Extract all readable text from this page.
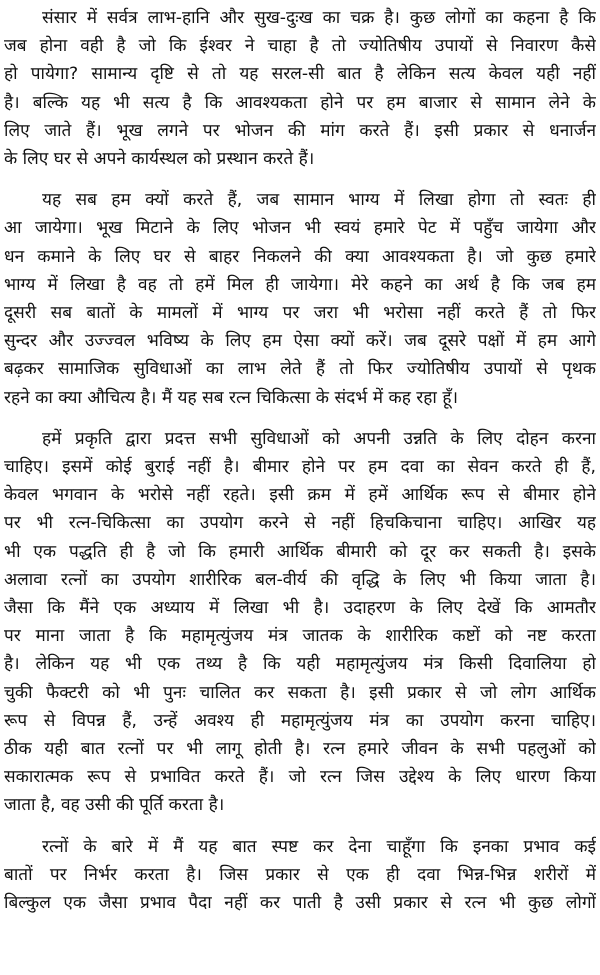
संसार में सर्वत्र लाभ-हानि और सुख-दुःख का चक्र है। कुछ लोगों का कहना है कि
जब होना वही है जो कि ईश्वर ने चाहा है तो ज्योतिषीय उपायों से निवारण कैसे
हो पायेगा? सामान्य दृष्टि से तो यह सरल-सी बात है लेकिन सत्य केवल यही नहीं
है। बल्कि यह भी सत्य है कि आवश्यकता होने पर हम बाजार से सामान लेने के
लिए जाते हैं। भूख लगने पर भोजन की मांग करते हैं। इसी प्रकार से धनार्जन
के लिए घर से अपने कार्यस्थल को प्रस्थान करते हैं।
यह सब हम क्यों करते हैं, जब सामान भाग्य में लिखा होगा तो स्वतः ही
आ जायेगा। भूख मिटाने के लिए भोजन भी स्वयं हमारे पेट में पहुँच जायेगा और
धन कमाने के लिए घर से बाहर निकलने की क्या आवश्यकता है। जो कुछ हमारे
भाग्य में लिखा है वह तो हमें मिल ही जायेगा। मेरे कहने का अर्थ है कि जब हम
दूसरी सब बातों के मामलों में भाग्य पर जरा भी भरोसा नहीं करते हैं तो फिर
सुन्दर और उज्ज्वल भविष्य के लिए हम ऐसा क्यों करें। जब दूसरे पक्षों में हम आगे
बढ़कर सामाजिक सुविधाओं का लाभ लेते हैं तो फिर ज्योतिषीय उपायों से पृथक
रहने का क्या औचित्य है। मैं यह सब रत्न चिकित्सा के संदर्भ में कह रहा हूँ।
हमें प्रकृति द्वारा प्रदत्त सभी सुविधाओं को अपनी उन्नति के लिए दोहन करना
चाहिए। इसमें कोई बुराई नहीं है। बीमार होने पर हम दवा का सेवन करते ही हैं,
केवल भगवान के भरोसे नहीं रहते। इसी क्रम में हमें आर्थिक रूप से बीमार होने
पर भी रत्न-चिकित्सा का उपयोग करने से नहीं हिचकिचाना चाहिए। आखिर यह
भी एक पद्धति ही है जो कि हमारी आर्थिक बीमारी को दूर कर सकती है। इसके
अलावा रत्नों का उपयोग शारीरिक बल-वीर्य की वृद्धि के लिए भी किया जाता है।
जैसा कि मैंने एक अध्याय में लिखा भी है। उदाहरण के लिए देखें कि आमतौर
पर माना जाता है कि महामृत्युंजय मंत्र जातक के शारीरिक कष्टों को नष्ट करता
है। लेकिन यह भी एक तथ्य है कि यही महामृत्युंजय मंत्र किसी दिवालिया हो
चुकी फैक्टरी को भी पुनः चालित कर सकता है। इसी प्रकार से जो लोग आर्थिक
रूप से विपन्न हैं, उन्हें अवश्य ही महामृत्युंजय मंत्र का उपयोग करना चाहिए।
ठीक यही बात रत्नों पर भी लागू होती है। रत्न हमारे जीवन के सभी पहलुओं को
सकारात्मक रूप से प्रभावित करते हैं। जो रत्न जिस उद्देश्य के लिए धारण किया
जाता है, वह उसी की पूर्ति करता है।
रत्नों के बारे में मैं यह बात स्पष्ट कर देना चाहूँगा कि इनका प्रभाव कई
बातों पर निर्भर करता है। जिस प्रकार से एक ही दवा भिन्न-भिन्न शरीरों में
बिल्कुल एक जैसा प्रभाव पैदा नहीं कर पाती है उसी प्रकार से रत्न भी कुछ लोगों
